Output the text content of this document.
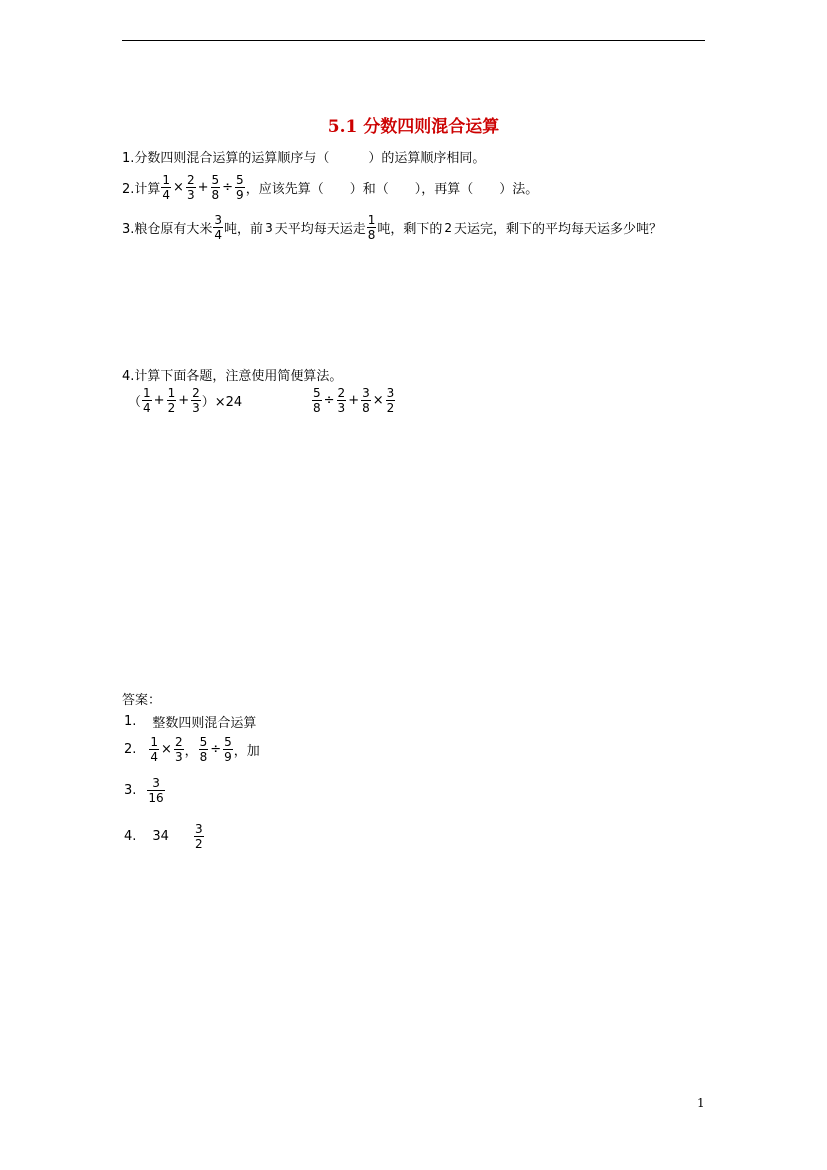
5.1 分数四则混合运算
1.分数四则混合运算的运算顺序与（　　　）的运算顺序相同。
2.计算 $\frac{1}{4} \times \frac{2}{3} + \frac{5}{8} \div \frac{5}{9}$ ，应该先算（　　）和（　　），再算（　　）法。
3.粮仓原有大米 $\frac{3}{4}$ 吨，前 3 天平均每天运走 $\frac{1}{8}$ 吨，剩下的 2 天运完，剩下的平均每天运多少吨？
4.计算下面各题，注意使用简便算法。
（ $\frac{1}{4} + \frac{1}{2} + \frac{2}{3} )\times 24$	$\frac{5}{8} \div \frac{2}{3} + \frac{3}{8} \times \frac{3}{2}$
答案：
1. 整数四则混合运算
2. $\frac{1}{4} \times \frac{2}{3}$ ， $\frac{5}{8} \div \frac{5}{9}$ ，加
3. $\frac{3}{16}$
4. $34 \frac{3}{2}$
1
